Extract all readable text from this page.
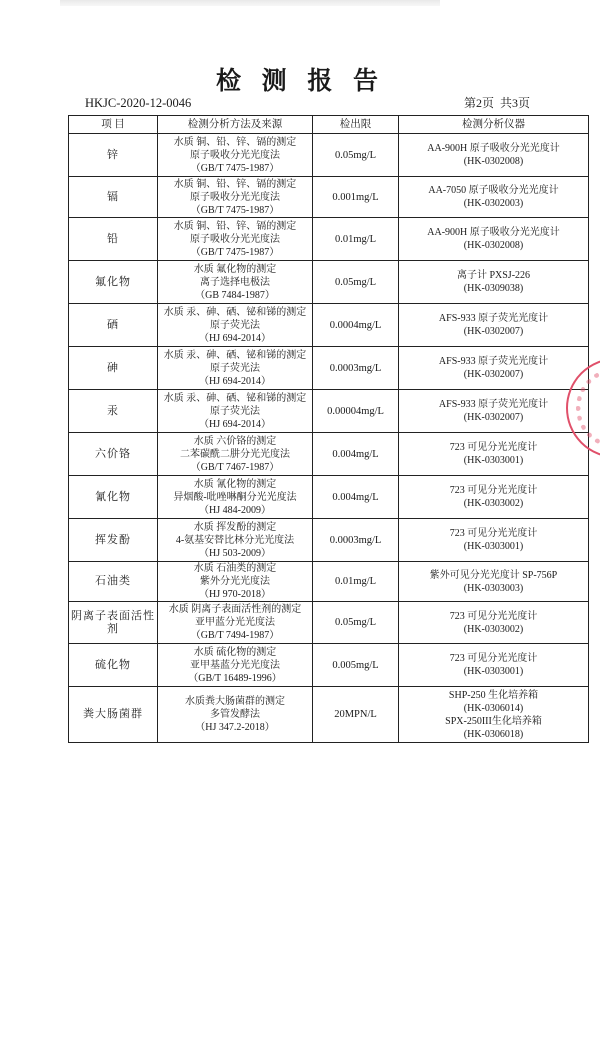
检 测 报 告
HKJC-2020-12-0046	第2页  共3页
项 目	检测分析方法及来源	检出限	检测分析仪器
锌	水质 铜、铅、锌、镉的测定
原子吸收分光光度法
（GB/T 7475-1987）	0.05mg/L	AA-900H 原子吸收分光光度计
(HK-0302008)

镉	水质 铜、铅、锌、镉的测定
原子吸收分光光度法
（GB/T 7475-1987）	0.001mg/L	AA-7050 原子吸收分光光度计
(HK-0302003)

铅	水质 铜、铅、锌、镉的测定
原子吸收分光光度法
（GB/T 7475-1987）	0.01mg/L	AA-900H 原子吸收分光光度计
(HK-0302008)

氟化物	水质 氟化物的测定
离子选择电极法
（GB 7484-1987）	0.05mg/L	离子计 PXSJ-226
(HK-0309038)

硒	水质 汞、砷、硒、铋和锑的测定
原子荧光法
（HJ 694-2014）	0.0004mg/L	AFS-933 原子荧光光度计
(HK-0302007)

砷	水质 汞、砷、硒、铋和锑的测定
原子荧光法
（HJ 694-2014）	0.0003mg/L	AFS-933 原子荧光光度计
(HK-0302007)

汞	水质 汞、砷、硒、铋和锑的测定
原子荧光法
（HJ 694-2014）	0.00004mg/L	AFS-933 原子荧光光度计
(HK-0302007)

六价铬	水质 六价铬的测定
二苯碳酰二肼分光光度法
（GB/T 7467-1987）	0.004mg/L	723 可见分光光度计
(HK-0303001)

氰化物	水质 氰化物的测定
异烟酸-吡唑啉酮分光光度法
（HJ 484-2009）	0.004mg/L	723 可见分光光度计
(HK-0303002)

挥发酚	水质 挥发酚的测定
4-氨基安替比林分光光度法
（HJ 503-2009）	0.0003mg/L	723 可见分光光度计
(HK-0303001)

石油类	水质 石油类的测定
紫外分光光度法
（HJ 970-2018）	0.01mg/L	紫外可见分光光度计 SP-756P
(HK-0303003)

阴离子表面活性剂	水质 阴离子表面活性剂的测定
亚甲蓝分光光度法
（GB/T 7494-1987）	0.05mg/L	723 可见分光光度计
(HK-0303002)

硫化物	水质 硫化物的测定
亚甲基蓝分光光度法
（GB/T 16489-1996）	0.005mg/L	723 可见分光光度计
(HK-0303001)

粪大肠菌群	水质粪大肠菌群的测定
多管发酵法
（HJ 347.2-2018）	20MPN/L	SHP-250 生化培养箱
(HK-0306014)
SPX-250III生化培养箱
(HK-0306018)
